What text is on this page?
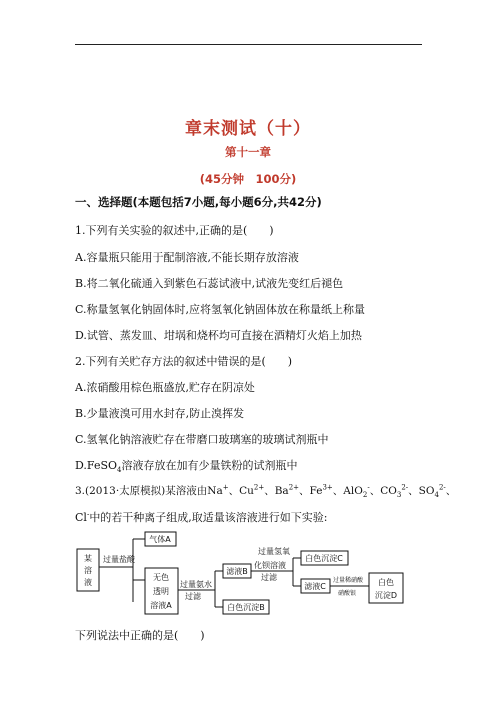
章末测试（十）
第十一章
(45分钟　100分)
一、选择题(本题包括7小题,每小题6分,共42分)
1.下列有关实验的叙述中,正确的是(　　)
A.容量瓶只能用于配制溶液,不能长期存放溶液
B.将二氧化硫通入到紫色石蕊试液中,试液先变红后褪色
C.称量氢氧化钠固体时,应将氢氧化钠固体放在称量纸上称量
D.试管、蒸发皿、坩埚和烧杯均可直接在酒精灯火焰上加热
2.下列有关贮存方法的叙述中错误的是(　　)
A.浓硝酸用棕色瓶盛放,贮存在阴凉处
B.少量液溴可用水封存,防止溴挥发
C.氢氧化钠溶液贮存在带磨口玻璃塞的玻璃试剂瓶中
D.FeSO$_4$溶液存放在加有少量铁粉的试剂瓶中
3.(2013·太原模拟)某溶液由Na+、$Cu^{2+}$、$Ba^{2+}$、$Fe^{3+}$、AlO$_2$-、$CO_3^{2-}$、$SO_4^{2-}$、
Cl-中的若干种离子组成,取适量该溶液进行如下实验:
某
溶
液
过量盐酸
气体A
无色
透明
溶液A
过量氨水
过滤
滤液B
白色沉淀B
过量氢氧
化钡溶液
过滤
白色沉淀C
滤液C
过量稀硝酸
硝酸银
白色
沉淀D
下列说法中正确的是(　　)
